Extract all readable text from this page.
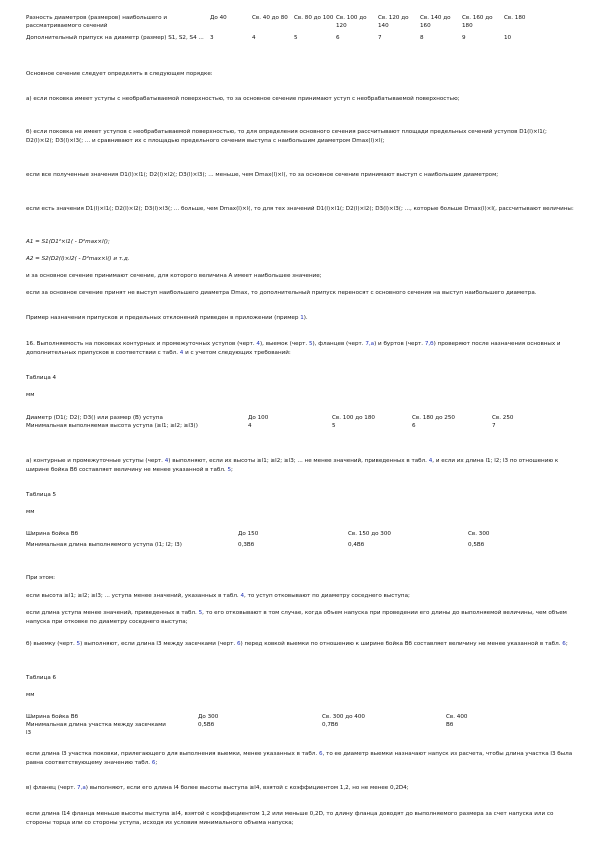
Разность диаметров (размеров) наибольшего и рассматриваемого сечений	До 40	Св. 40 до 80	Св. 80 до 100	Св. 100 до 120	Св. 120 до 140	Св. 140 до 160	Св. 160 до 180	Св. 180

Дополнительный припуск на диаметр (размер) S1, S2, S4 ...	3	4	5	6	7	8	9	10
Основное сечение следует определять в следующем порядке:
а) если поковка имеет уступы с необрабатываемой поверхностью, то за основное сечение принимают уступ с необрабатываемой поверхностью;
б) если поковка не имеет уступов с необрабатываемой поверхностью, то для определения основного сечения рассчитывают площади предельных сечений уступов D1(l)×l1(; D2(l)×l2(; D3(l)×l3(; ... и сравнивают их с площадью предельного сечения выступа с наибольшим диаметром Dmax(l)×l(;
если все полученные значения D1(l)×l1(; D2(l)×l2(; D3(l)×l3(; ... меньше, чем Dmax(l)×l(, то за основное сечение принимают выступ с наибольшим диаметром;
если есть значения D1(l)×l1(; D2(l)×l2(; D3(l)×l3(; ... больше, чем Dmax(l)×l(, то для тех значений D1(l)×l1(; D2(l)×l2(; D3(l)×l3(; ..., которые больше Dmax(l)×l(, рассчитывают величины:
A1 = S1(D1²×l1( - D²max×l();
A2 = S2(D2(l)×l2( - D²max×l() и т.д.
и за основное сечение принимают сечение, для которого величина A имеет наибольшее значение;
если за основное сечение принят не выступ наибольшего диаметра Dmax, то дополнительный припуск переносят с основного сечения на выступ наибольшего диаметра.
Пример назначения припусков и предельных отклонений приведен в приложении (пример 1).
16. Выполняемость на поковках контурных и промежуточных уступов (черт. 4), выемок (черт. 5), фланцев (черт. 7,а) и буртов (черт. 7,б) проверяют после назначения основных и дополнительных припусков в соответствии с табл. 4 и с учетом следующих требований:
Таблица 4
мм
Диаметр (D1(; D2(; D3() или размер (В) уступа	До 100	Св. 100 до 180	Св. 180 до 250	Св. 250
Минимальная выполняемая высота уступа (≥l1; ≥l2; ≥l3()	4	5	6	7
а) контурные и промежуточные уступы (черт. 4) выполняют, если их высоты ≥l1; ≥l2; ≥l3; ... не менее значений, приведенных в табл. 4, и если их длина l1; l2; l3 по отношению к ширине бойка Вб составляет величину не менее указанной в табл. 5;
Таблица 5
мм
Ширина бойка Вб	До 150	Св. 150 до 300	Св. 300

Минимальная длина выполняемого уступа (l1; l2; l3)	0,3Вб	0,4Вб	0,5Вб
При этом:
если высота ≥l1; ≥l2; ≥l3; ... уступа менее значений, указанных в табл. 4, то уступ отковывают по диаметру соседнего выступа;
если длина уступа менее значений, приведенных в табл. 5, то его отковывают в том случае, когда объем напуска при проведении его длины до выполняемой величины, чем объем напуска при отковке по диаметру соседнего выступа;
б) выемку (черт. 5) выполняют, если длина l3 между засечками (черт. 6) перед ковкой выемки по отношению к ширине бойка Вб составляет величину не менее указанной в табл. 6;
Таблица 6
мм
Ширина бойка Вб	До 300	Св. 300 до 400	Св. 400
Минимальная длина участка между засечками l3	0,5Вб	0,7Вб	Вб
если длина l3 участка поковки, прилегающего для выполнения выемки, менее указанных в табл. 6, то ее диаметр выемки назначают напуск из расчета, чтобы длина участка l3 была равна соответствующему значению табл. 6;
в) фланец (черт. 7,а) выполняют, если его длина l4 более высоты выступа ≥l4, взятой с коэффициентом 1,2, но не менее 0,2D4;
если длина l14 фланца меньше высоты выступа ≥l4, взятой с коэффициентом 1,2 или меньше 0,2D, то длину фланца доводят до выполняемого размера за счет напуска или со стороны торца или со стороны уступа, исходя из условия минимального объема напуска;
